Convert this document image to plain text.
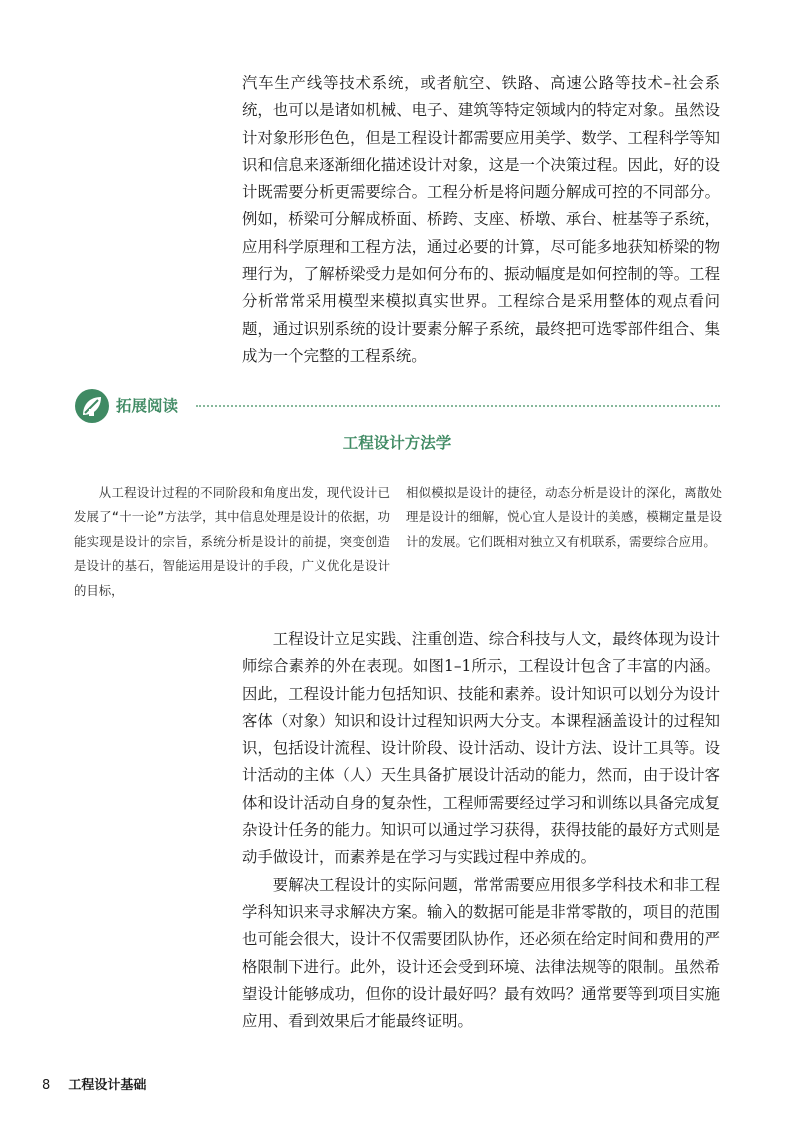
汽车生产线等技术系统，或者航空、铁路、高速公路等技术–社会系统，也可以是诸如机械、电子、建筑等特定领域内的特定对象。虽然设计对象形形色色，但是工程设计都需要应用美学、数学、工程科学等知识和信息来逐渐细化描述设计对象，这是一个决策过程。因此，好的设计既需要分析更需要综合。工程分析是将问题分解成可控的不同部分。例如，桥梁可分解成桥面、桥跨、支座、桥墩、承台、桩基等子系统，应用科学原理和工程方法，通过必要的计算，尽可能多地获知桥梁的物理行为，了解桥梁受力是如何分布的、振动幅度是如何控制的等。工程分析常常采用模型来模拟真实世界。工程综合是采用整体的观点看问题，通过识别系统的设计要素分解子系统，最终把可选零部件组合、集成为一个完整的工程系统。

拓展阅读
工程设计方法学

从工程设计过程的不同阶段和角度出发，现代设计已发展了“十一论”方法学，其中信息处理是设计的依据，功能实现是设计的宗旨，系统分析是设计的前提，突变创造是设计的基石，智能运用是设计的手段，广义优化是设计的目标，

相似模拟是设计的捷径，动态分析是设计的深化，离散处理是设计的细解，悦心宜人是设计的美感，模糊定量是设计的发展。它们既相对独立又有机联系，需要综合应用。

工程设计立足实践、注重创造、综合科技与人文，最终体现为设计师综合素养的外在表现。如图1–1所示，工程设计包含了丰富的内涵。因此，工程设计能力包括知识、技能和素养。设计知识可以划分为设计客体（对象）知识和设计过程知识两大分支。本课程涵盖设计的过程知识，包括设计流程、设计阶段、设计活动、设计方法、设计工具等。设计活动的主体（人）天生具备扩展设计活动的能力，然而，由于设计客体和设计活动自身的复杂性，工程师需要经过学习和训练以具备完成复杂设计任务的能力。知识可以通过学习获得，获得技能的最好方式则是动手做设计，而素养是在学习与实践过程中养成的。

要解决工程设计的实际问题，常常需要应用很多学科技术和非工程学科知识来寻求解决方案。输入的数据可能是非常零散的，项目的范围也可能会很大，设计不仅需要团队协作，还必须在给定时间和费用的严格限制下进行。此外，设计还会受到环境、法律法规等的限制。虽然希望设计能够成功，但你的设计最好吗？最有效吗？通常要等到项目实施应用、看到效果后才能最终证明。

8 工程设计基础
